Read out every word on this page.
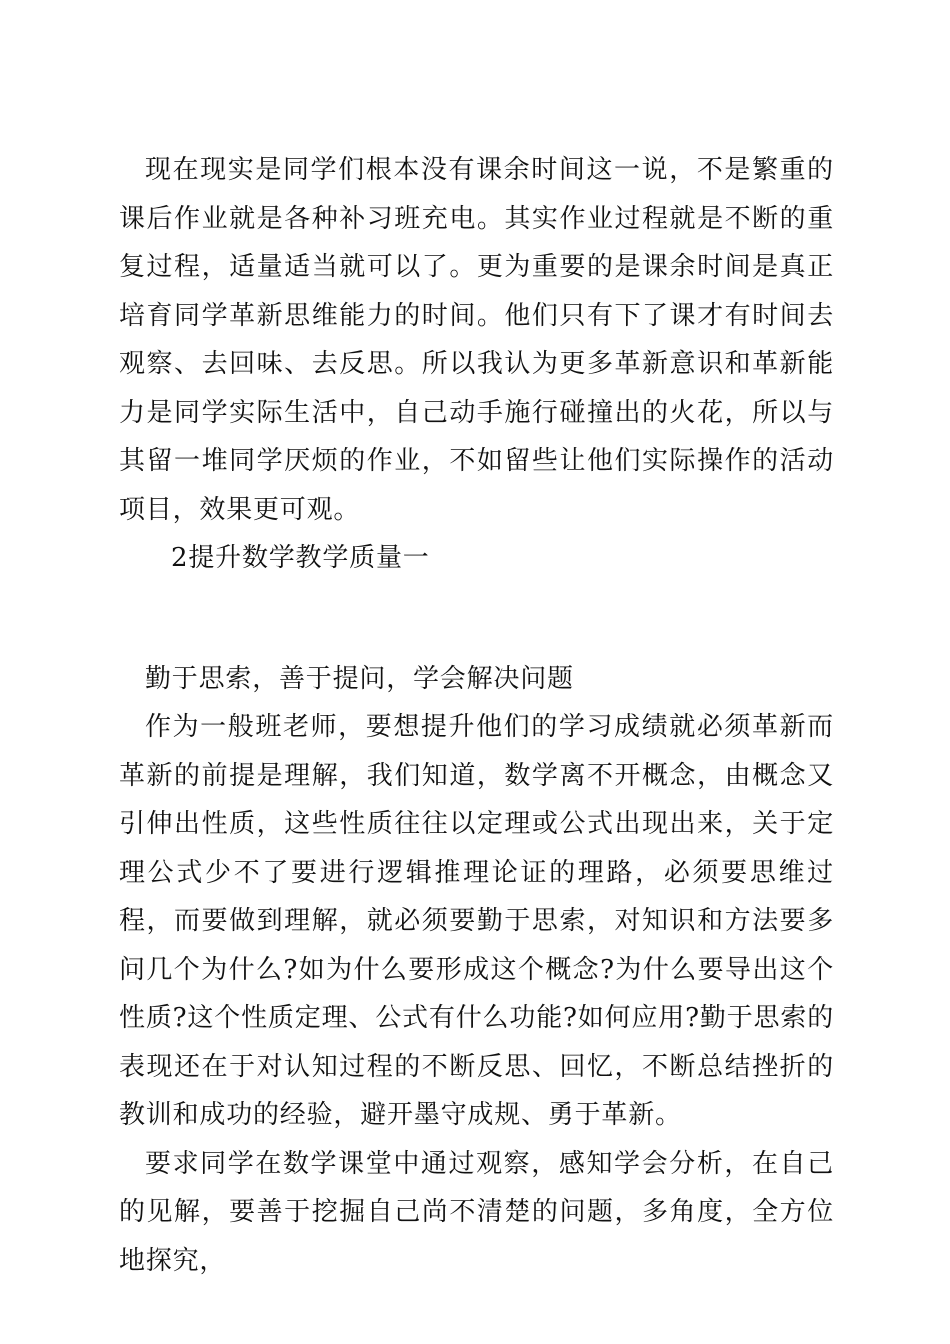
现在现实是同学们根本没有课余时间这一说，不是繁重的课后作业就是各种补习班充电。其实作业过程就是不断的重复过程，适量适当就可以了。更为重要的是课余时间是真正培育同学革新思维能力的时间。他们只有下了课才有时间去观察、去回味、去反思。所以我认为更多革新意识和革新能力是同学实际生活中，自己动手施行碰撞出的火花，所以与其留一堆同学厌烦的作业，不如留些让他们实际操作的活动项目，效果更可观。

2提升数学教学质量一

勤于思索，善于提问，学会解决问题

作为一般班老师，要想提升他们的学习成绩就必须革新而革新的前提是理解，我们知道，数学离不开概念，由概念又引伸出性质，这些性质往往以定理或公式出现出来，关于定理公式少不了要进行逻辑推理论证的理路，必须要思维过程，而要做到理解，就必须要勤于思索，对知识和方法要多问几个为什么?如为什么要形成这个概念?为什么要导出这个性质?这个性质定理、公式有什么功能?如何应用?勤于思索的表现还在于对认知过程的不断反思、回忆，不断总结挫折的教训和成功的经验，避开墨守成规、勇于革新。

要求同学在数学课堂中通过观察，感知学会分析，在自己的见解，要善于挖掘自己尚不清楚的问题，多角度，全方位地探究，
